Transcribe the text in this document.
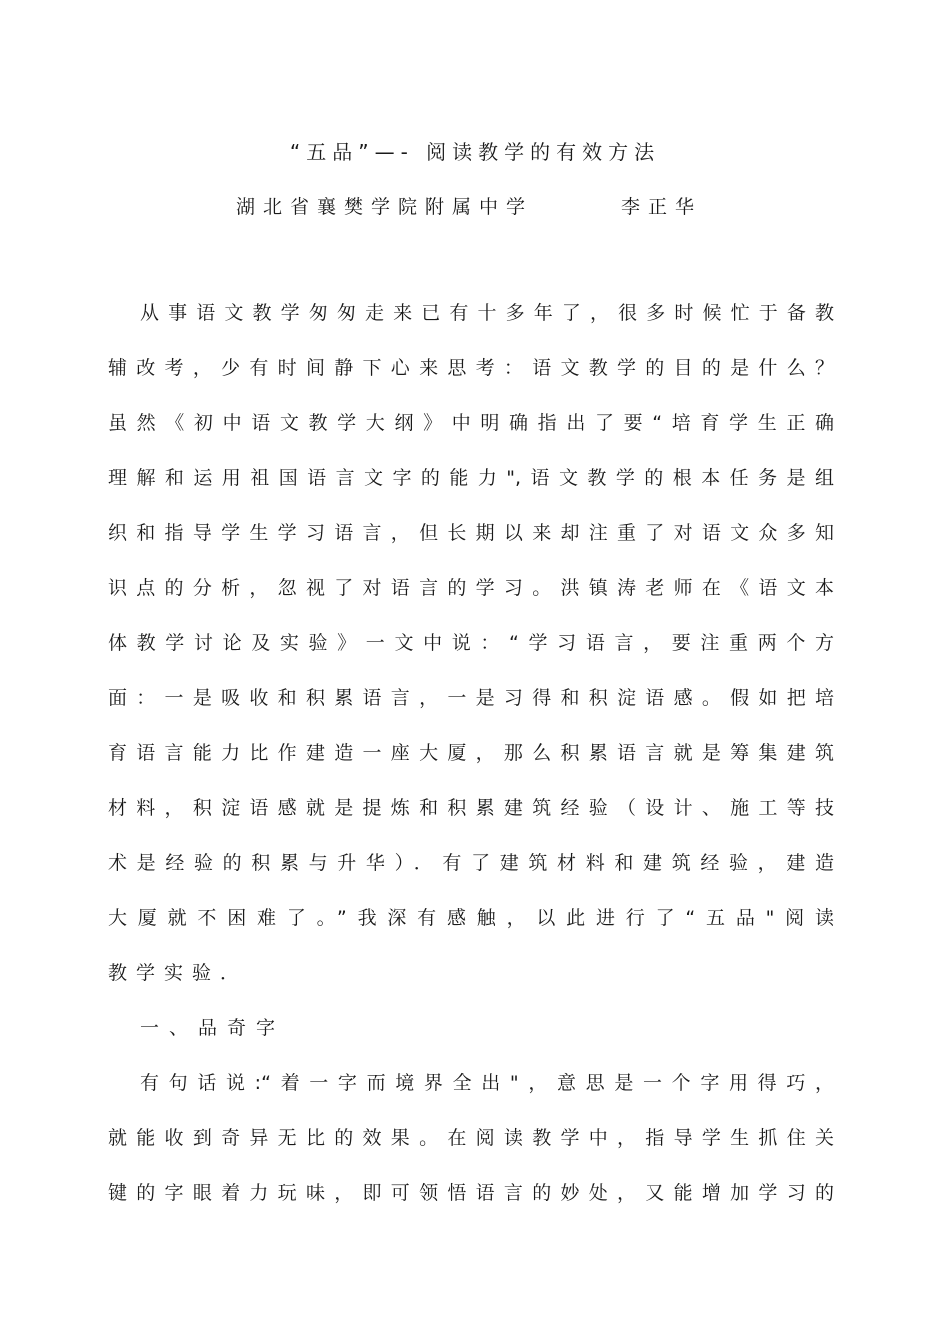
“五品”—- 阅读教学的有效方法
湖北省襄樊学院附属中学	李正华
从事语文教学匆匆走来已有十多年了，很多时候忙于备教
辅改考，少有时间静下心来思考：语文教学的目的是什么？
虽然《初中语文教学大纲》中明确指出了要“培育学生正确
理解和运用祖国语言文字的能力",语文教学的根本任务是组
织和指导学生学习语言，但长期以来却注重了对语文众多知
识点的分析，忽视了对语言的学习。洪镇涛老师在《语文本
体教学讨论及实验》一文中说：“学习语言，要注重两个方
面：一是吸收和积累语言，一是习得和积淀语感。假如把培
育语言能力比作建造一座大厦，那么积累语言就是筹集建筑
材料，积淀语感就是提炼和积累建筑经验（设计、施工等技
术是经验的积累与升华）．有了建筑材料和建筑经验，建造
大厦就不困难了。”我深有感触，以此进行了“五品"阅读
教学实验．
一、品奇字
有句话说:“着一字而境界全出"，意思是一个字用得巧，
就能收到奇异无比的效果。在阅读教学中，指导学生抓住关
键的字眼着力玩味，即可领悟语言的妙处，又能增加学习的
